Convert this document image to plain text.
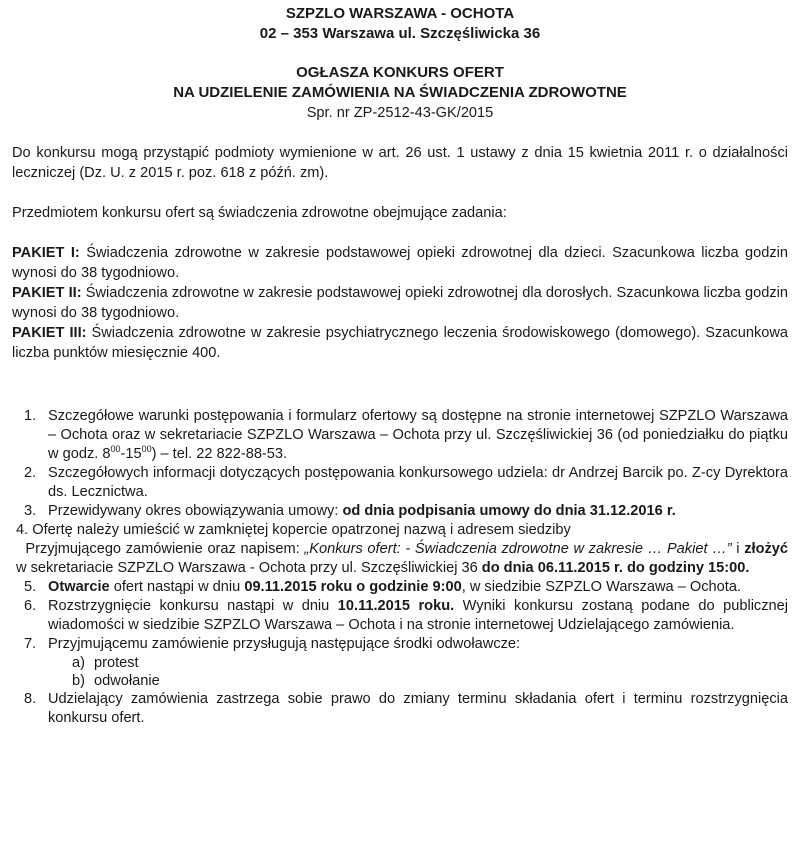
SZPZLO WARSZAWA - OCHOTA
02 – 353 Warszawa ul. Szczęśliwicka 36
OGŁASZA KONKURS OFERT
NA UDZIELENIE ZAMÓWIENIA NA ŚWIADCZENIA ZDROWOTNE
Spr. nr ZP-2512-43-GK/2015

Do konkursu mogą przystąpić podmioty wymienione w art. 26 ust. 1 ustawy z dnia 15 kwietnia 2011 r. o działalności leczniczej (Dz. U. z 2015 r. poz. 618 z późń. zm).

Przedmiotem konkursu ofert są świadczenia zdrowotne obejmujące zadania:

PAKIET I: Świadczenia zdrowotne w zakresie podstawowej opieki zdrowotnej dla dzieci. Szacunkowa liczba godzin wynosi do 38 tygodniowo.

PAKIET II: Świadczenia zdrowotne w zakresie podstawowej opieki zdrowotnej dla dorosłych. Szacunkowa liczba godzin wynosi do 38 tygodniowo.

PAKIET III: Świadczenia zdrowotne w zakresie psychiatrycznego leczenia środowiskowego (domowego). Szacunkowa liczba punktów miesięcznie 400.

1. Szczegółowe warunki postępowania i formularz ofertowy są dostępne na stronie internetowej SZPZLO Warszawa – Ochota oraz w sekretariacie SZPZLO Warszawa – Ochota przy ul. Szczęśliwickiej 36 (od poniedziałku do piątku w godz. $8^{00}-15^{00}$) – tel. 22 822-88-53.
2. Szczegółowych informacji dotyczących postępowania konkursowego udziela: dr Andrzej Barcik po. Z-cy Dyrektora ds. Lecznictwa.
3. Przewidywany okres obowiązywania umowy: od dnia podpisania umowy do dnia 31.12.2016 r.
4. Ofertę należy umieścić w zamkniętej kopercie opatrzonej nazwą i adresem siedziby
Przyjmującego zamówienie oraz napisem: „Konkurs ofert: - Świadczenia zdrowotne w zakresie … Pakiet …” i złożyć w sekretariacie SZPZLO Warszawa - Ochota przy ul. Szczęśliwickiej 36 do dnia 06.11.2015 r. do godziny 15:00.
5. Otwarcie ofert nastąpi w dniu 09.11.2015 roku o godzinie 9:00, w siedzibie SZPZLO Warszawa – Ochota.
6. Rozstrzygnięcie konkursu nastąpi w dniu 10.11.2015 roku. Wyniki konkursu zostaną podane do publicznej wiadomości w siedzibie SZPZLO Warszawa – Ochota i na stronie internetowej Udzielającego zamówienia.
7. Przyjmującemu zamówienie przysługują następujące środki odwoławcze:
a) protest
b) odwołanie
8. Udzielający zamówienia zastrzega sobie prawo do zmiany terminu składania ofert i terminu rozstrzygnięcia konkursu ofert.
